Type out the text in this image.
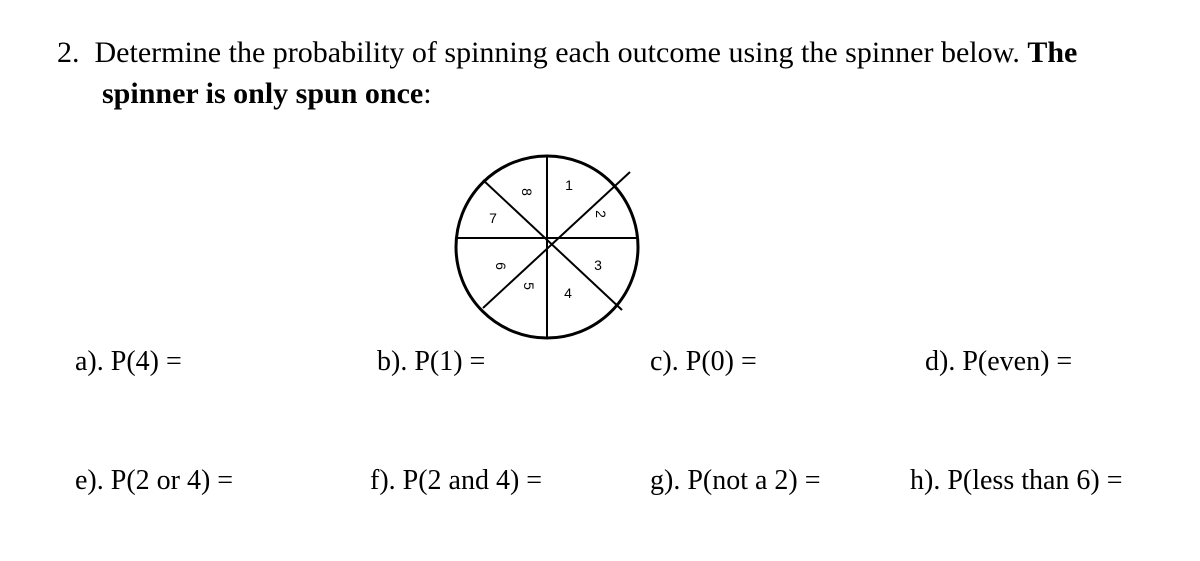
2. Determine the probability of spinning each outcome using the spinner below. The
spinner is only spun once:
1
2
3
4
5
6
7
8
a). P(4) =	b). P(1) =	c). P(0) =	d). P(even) =
e). P(2 or 4) =	f). P(2 and 4) =	g). P(not a 2) =	h). P(less than 6) =
